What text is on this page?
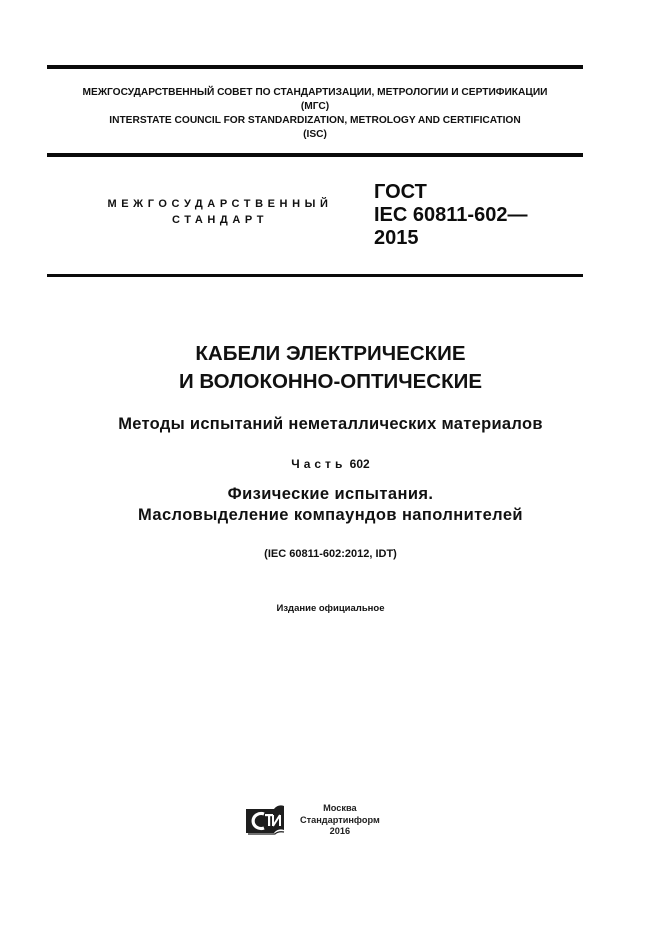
МЕЖГОСУДАРСТВЕННЫЙ СОВЕТ ПО СТАНДАРТИЗАЦИИ, МЕТРОЛОГИИ И СЕРТИФИКАЦИИ
(МГС)
INTERSTATE COUNCIL FOR STANDARDIZATION, METROLOGY AND CERTIFICATION
(ISC)
МЕЖГОСУДАРСТВЕННЫЙ
СТАНДАРТ
ГОСТ
IEC 60811-602—
2015
КАБЕЛИ ЭЛЕКТРИЧЕСКИЕ
И ВОЛОКОННО-ОПТИЧЕСКИЕ
Методы испытаний неметаллических материалов
Часть 602
Физические испытания.
Масловыделение компаундов наполнителей
(IEC 60811-602:2012, IDT)
Издание официальное
Москва
Стандартинформ
2016
